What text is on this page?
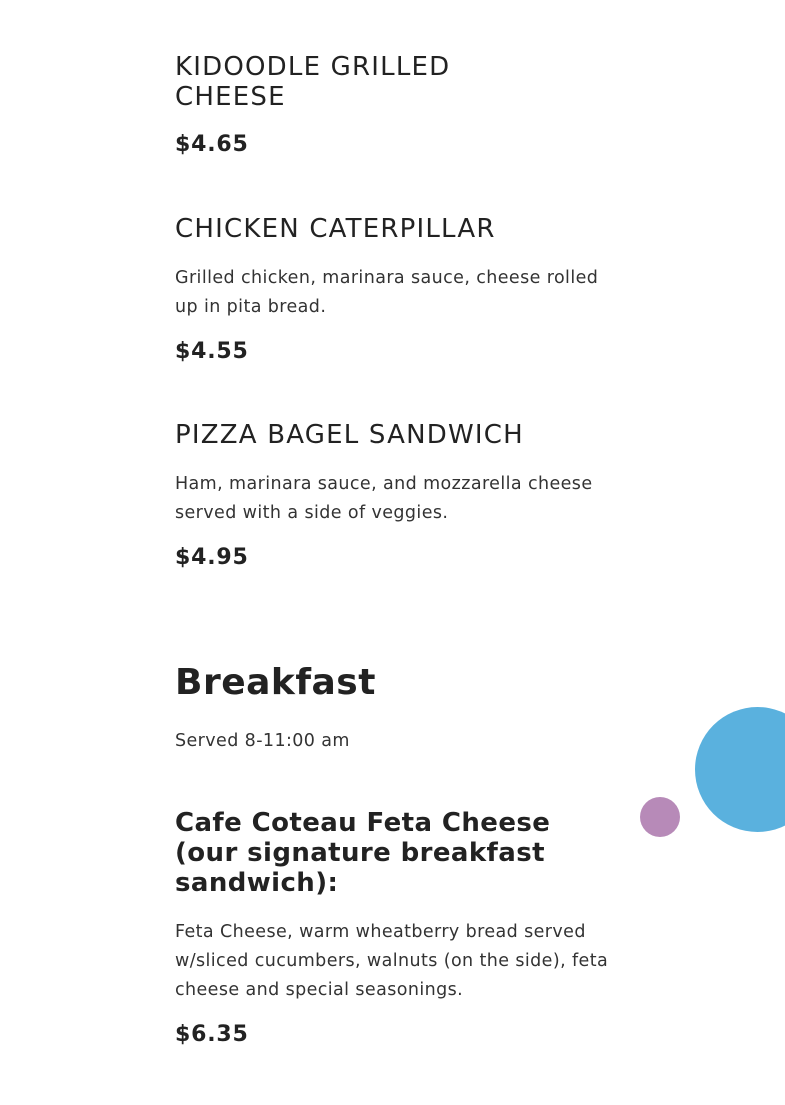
KIDOODLE GRILLED CHEESE

$4.65

CHICKEN CATERPILLAR

Grilled chicken, marinara sauce, cheese rolled up in pita bread.

$4.55

PIZZA BAGEL SANDWICH

Ham, marinara sauce, and mozzarella cheese served with a side of veggies.

$4.95

Breakfast

Served 8-11:00 am

Cafe Coteau Feta Cheese (our signature breakfast sandwich):

Feta Cheese, warm wheatberry bread served w/sliced cucumbers, walnuts (on the side), feta cheese and special seasonings.

$6.35
